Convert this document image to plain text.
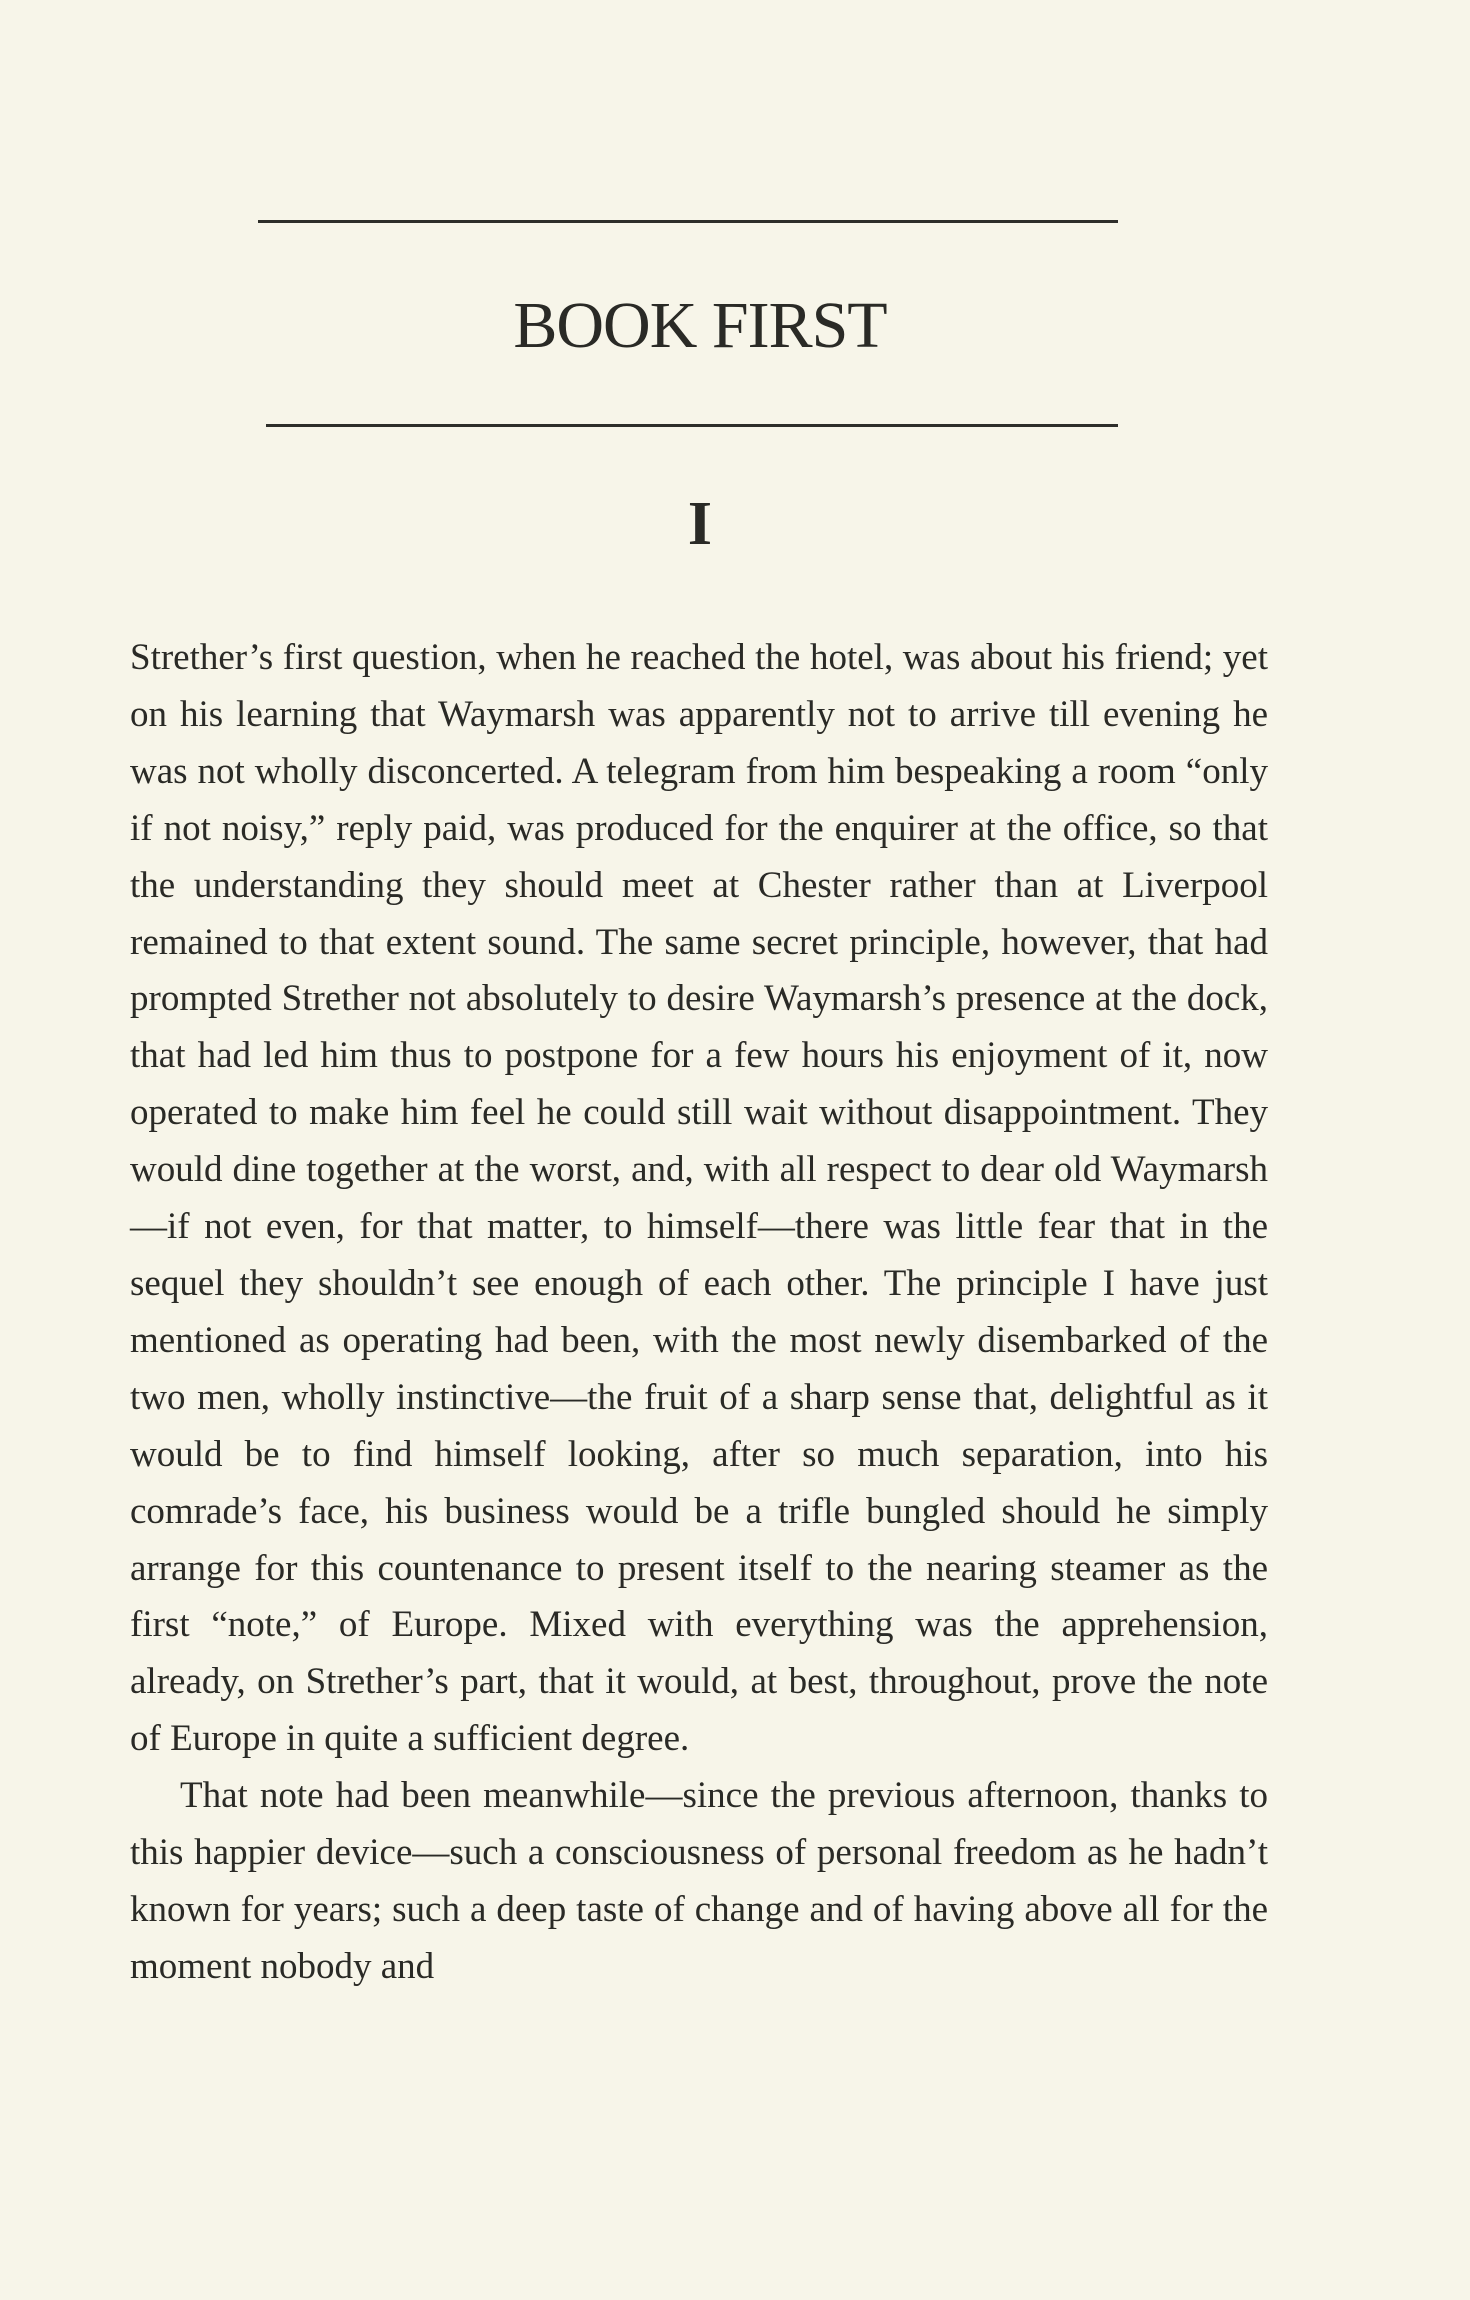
BOOK FIRST
I

Strether’s first question, when he reached the hotel, was about his friend; yet on his learning that Waymarsh was apparently not to arrive till evening he was not wholly disconcerted. A telegram from him bespeaking a room “only if not noisy,” reply paid, was produced for the enquirer at the office, so that the understanding they should meet at Chester rather than at Liverpool remained to that extent sound. The same secret principle, however, that had prompted Strether not absolutely to desire Waymarsh’s presence at the dock, that had led him thus to postpone for a few hours his enjoyment of it, now operated to make him feel he could still wait without disappointment. They would dine together at the worst, and, with all respect to dear old Waymarsh—if not even, for that matter, to himself—there was little fear that in the sequel they shouldn’t see enough of each other. The principle I have just mentioned as operating had been, with the most newly disembarked of the two men, wholly instinctive—the fruit of a sharp sense that, delightful as it would be to find himself looking, after so much separation, into his comrade’s face, his business would be a trifle bungled should he simply arrange for this countenance to present itself to the nearing steamer as the first “note,” of Europe. Mixed with everything was the apprehension, already, on Strether’s part, that it would, at best, throughout, prove the note of Europe in quite a sufficient degree.

That note had been meanwhile—since the previous afternoon, thanks to this happier device—such a consciousness of personal freedom as he hadn’t known for years; such a deep taste of change and of having above all for the moment nobody and
